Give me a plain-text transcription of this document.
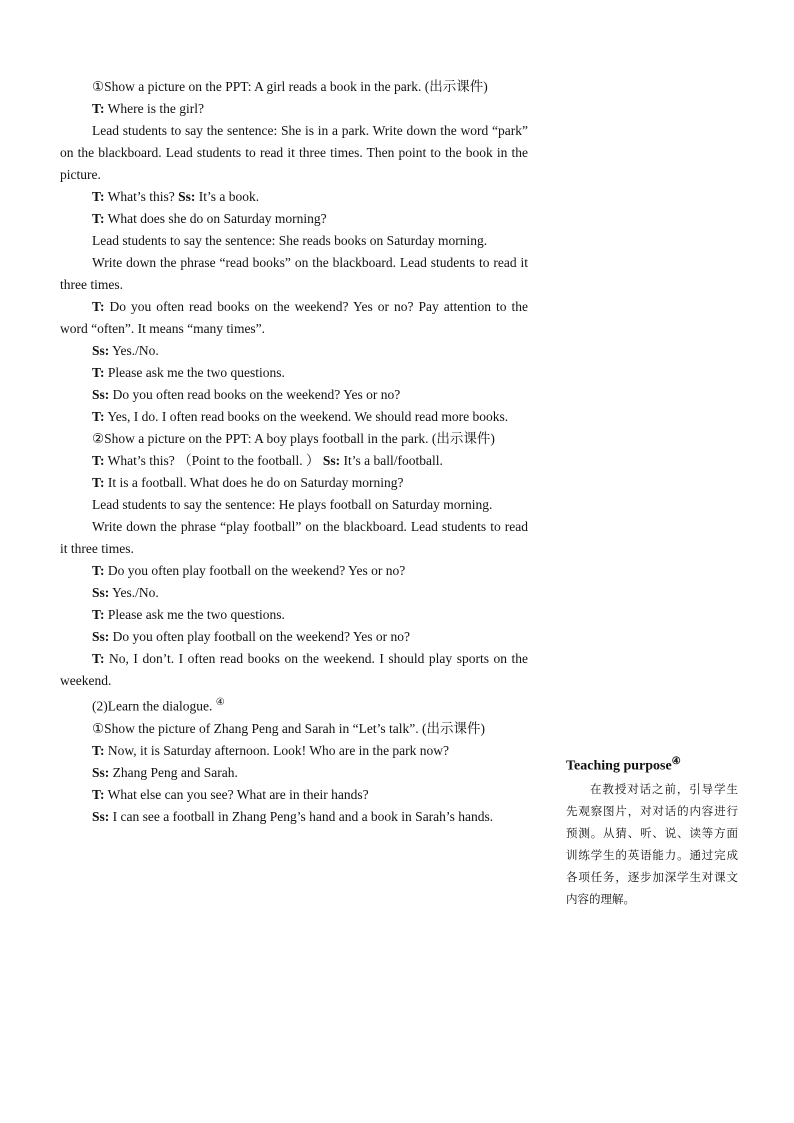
①Show a picture on the PPT: A girl reads a book in the park. (出示课件)

T: Where is the girl?

Lead students to say the sentence: She is in a park. Write down the word “park” on the blackboard. Lead students to read it three times. Then point to the book in the picture.

T: What’s this? Ss: It’s a book.

T: What does she do on Saturday morning?

Lead students to say the sentence: She reads books on Saturday morning.

Write down the phrase “read books” on the blackboard. Lead students to read it three times.

T: Do you often read books on the weekend? Yes or no? Pay attention to the word “often”. It means “many times”.

Ss: Yes./No.

T: Please ask me the two questions.

Ss: Do you often read books on the weekend? Yes or no?

T: Yes, I do. I often read books on the weekend. We should read more books.

②Show a picture on the PPT: A boy plays football in the park. (出示课件)

T: What’s this? （Point to the football. ） Ss: It’s a ball/football.

T: It is a football. What does he do on Saturday morning?

Lead students to say the sentence: He plays football on Saturday morning.

Write down the phrase “play football” on the blackboard. Lead students to read it three times.

T: Do you often play football on the weekend? Yes or no?

Ss: Yes./No.

T: Please ask me the two questions.

Ss: Do you often play football on the weekend? Yes or no?

T: No, I don’t. I often read books on the weekend. I should play sports on the weekend.

(2)Learn the dialogue. ④

①Show the picture of Zhang Peng and Sarah in “Let’s talk”. (出示课件)

T: Now, it is Saturday afternoon. Look! Who are in the park now?

Ss: Zhang Peng and Sarah.

T: What else can you see? What are in their hands?

Ss: I can see a football in Zhang Peng’s hand and a book in Sarah’s hands.

Teaching purpose④

在教授对话之前，引导学生先观察图片，对对话的内容进行预测。从猜、听、说、读等方面训练学生的英语能力。通过完成各项任务，逐步加深学生对课文内容的理解。
